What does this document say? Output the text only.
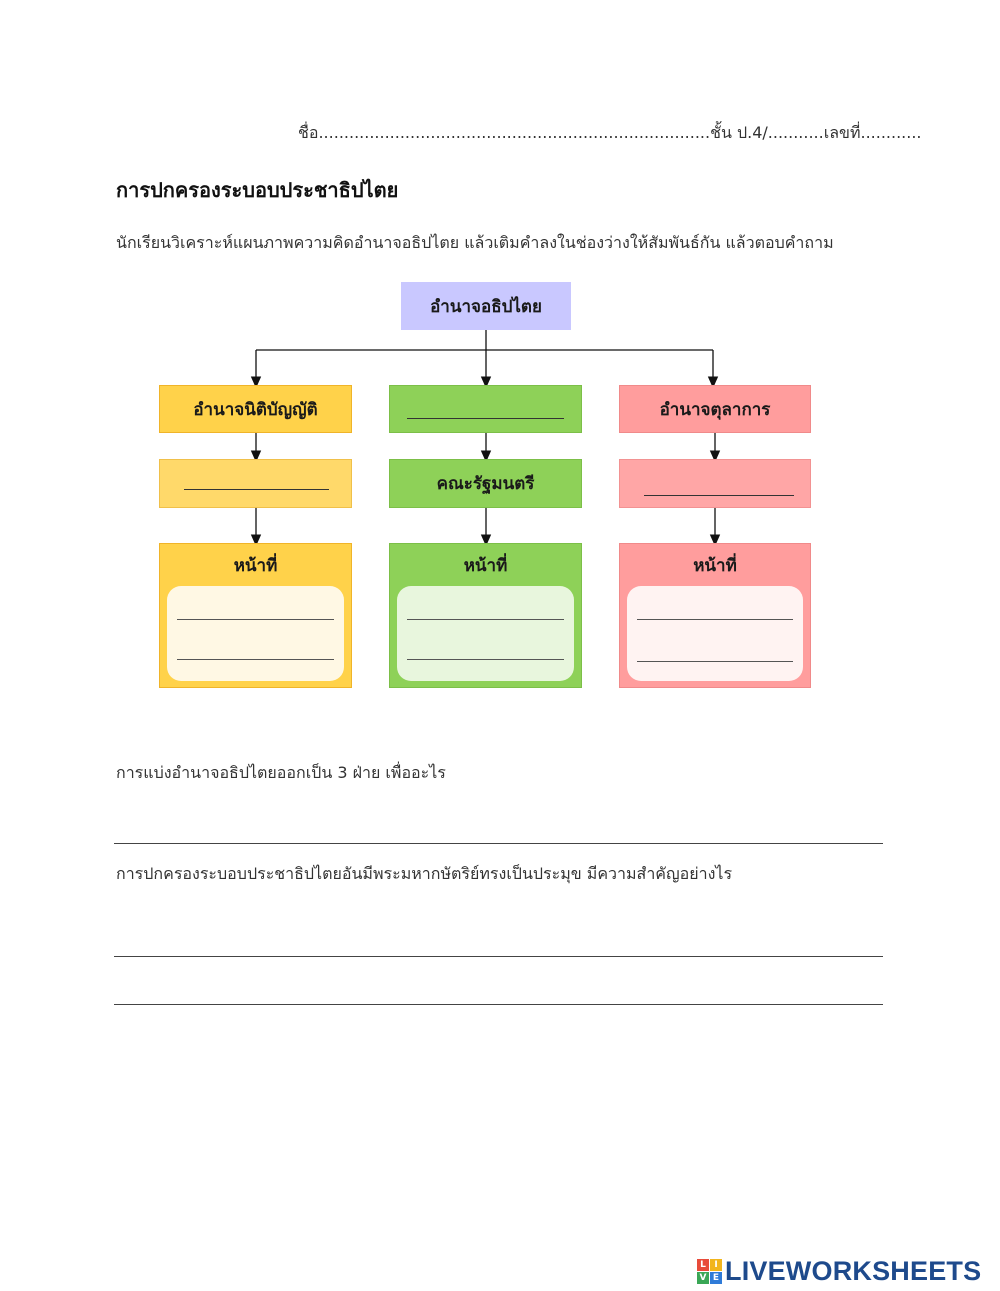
ชื่อ.............................................................................ชั้น ป.4/...........เลขที่............
การปกครองระบอบประชาธิปไตย
นักเรียนวิเคราะห์แผนภาพความคิดอำนาจอธิปไตย แล้วเติมคำลงในช่องว่างให้สัมพันธ์กัน แล้วตอบคำถาม
อำนาจอธิปไตย
อำนาจนิติบัญญัติ
หน้าที่
คณะรัฐมนตรี
หน้าที่
อำนาจตุลาการ
หน้าที่
การแบ่งอำนาจอธิปไตยออกเป็น 3 ฝ่าย เพื่ออะไร
การปกครองระบอบประชาธิปไตยอันมีพระมหากษัตริย์ทรงเป็นประมุข มีความสำคัญอย่างไร
L I
V E LIVEWORKSHEETS
